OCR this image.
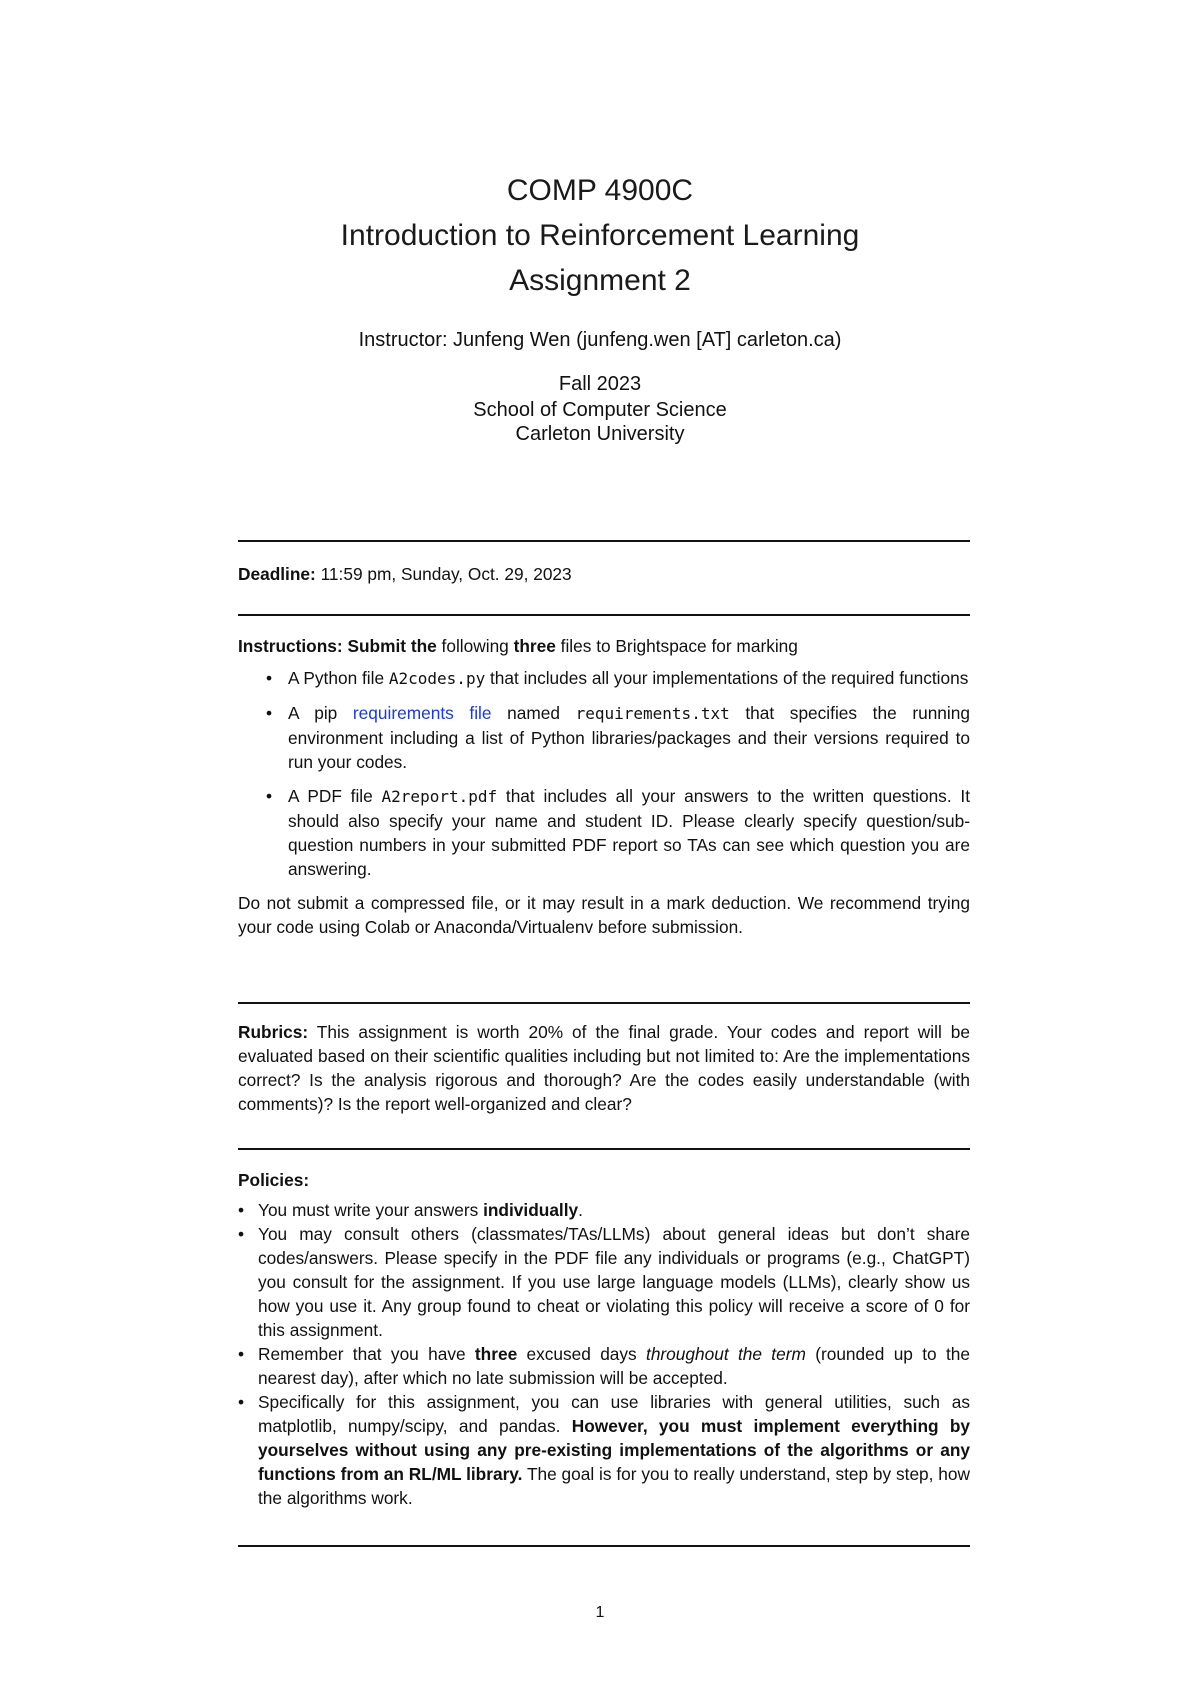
COMP 4900C
Introduction to Reinforcement Learning
Assignment 2
Instructor: Junfeng Wen (junfeng.wen [AT] carleton.ca)
Fall 2023
School of Computer Science
Carleton University
Deadline: 11:59 pm, Sunday, Oct. 29, 2023
Instructions: Submit the following three files to Brightspace for marking
• A Python file A2codes.py that includes all your implementations of the required functions
• A pip requirements file named requirements.txt that specifies the running environment including a list of Python libraries/packages and their versions required to run your codes.
• A PDF file A2report.pdf that includes all your answers to the written questions. It should also specify your name and student ID. Please clearly specify question/sub-question numbers in your submitted PDF report so TAs can see which question you are answering.
Do not submit a compressed file, or it may result in a mark deduction. We recommend trying your code using Colab or Anaconda/Virtualenv before submission.
Rubrics: This assignment is worth 20% of the final grade. Your codes and report will be evaluated based on their scientific qualities including but not limited to: Are the implementations correct? Is the analysis rigorous and thorough? Are the codes easily understandable (with comments)? Is the report well-organized and clear?
Policies:
• You must write your answers individually.
• You may consult others (classmates/TAs/LLMs) about general ideas but don’t share codes/answers. Please specify in the PDF file any individuals or programs (e.g., ChatGPT) you consult for the assignment. If you use large language models (LLMs), clearly show us how you use it. Any group found to cheat or violating this policy will receive a score of 0 for this assignment.
• Remember that you have three excused days throughout the term (rounded up to the nearest day), after which no late submission will be accepted.
• Specifically for this assignment, you can use libraries with general utilities, such as matplotlib, numpy/scipy, and pandas. However, you must implement everything by yourselves without using any pre-existing implementations of the algorithms or any functions from an RL/ML library. The goal is for you to really understand, step by step, how the algorithms work.
1
